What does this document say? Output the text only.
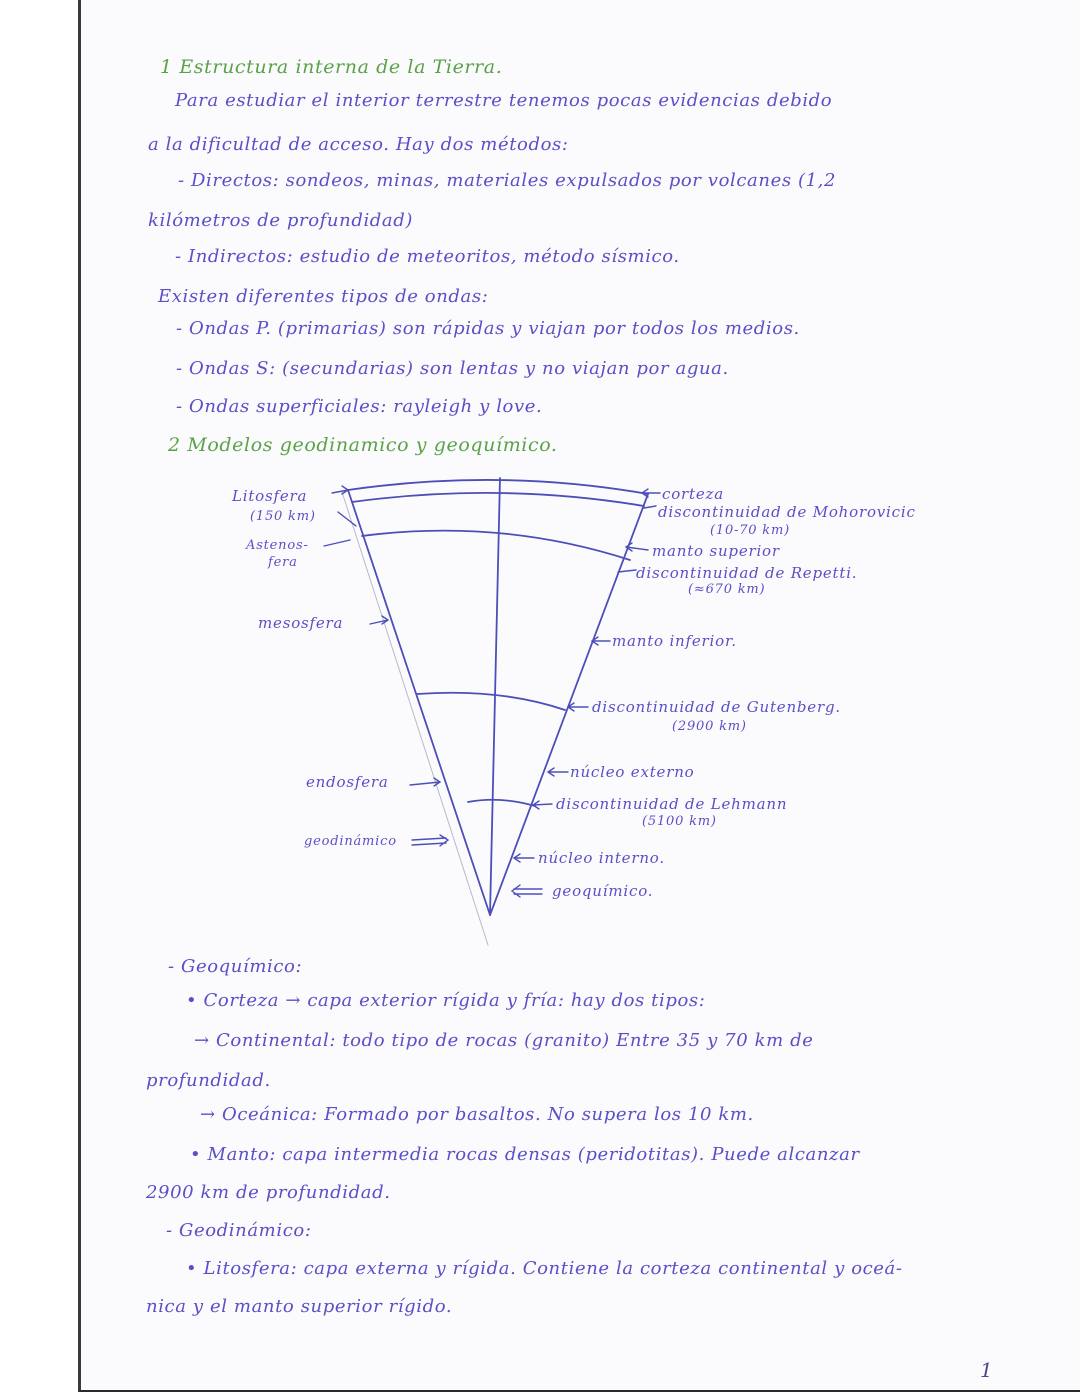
1 Estructura interna de la Tierra.
Para estudiar el interior terrestre tenemos pocas evidencias debido
a la dificultad de acceso. Hay dos métodos:
- Directos: sondeos, minas, materiales expulsados por volcanes (1,2
kilómetros de profundidad)
- Indirectos: estudio de meteoritos, método sísmico.
Existen diferentes tipos de ondas:
- Ondas P. (primarias) son rápidas y viajan por todos los medios.
- Ondas S: (secundarias) son lentas y no viajan por agua.
- Ondas superficiales: rayleigh y love.
2 Modelos geodinamico y geoquímico.
Litosfera
(150 km)
Astenos-
fera
mesosfera
endosfera
geodinámico
corteza
discontinuidad de Mohorovicic
(10-70 km)
manto superior
discontinuidad de Repetti.
(≈670 km)
manto inferior.
discontinuidad de Gutenberg.
(2900 km)
núcleo externo
discontinuidad de Lehmann
(5100 km)
núcleo interno.
geoquímico.
- Geoquímico:
• Corteza → capa exterior rígida y fría: hay dos tipos:
→ Continental: todo tipo de rocas (granito) Entre 35 y 70 km de
profundidad.
→ Oceánica: Formado por basaltos. No supera los 10 km.
• Manto: capa intermedia rocas densas (peridotitas). Puede alcanzar
2900 km de profundidad.
- Geodinámico:
• Litosfera: capa externa y rígida. Contiene la corteza continental y oceá-
nica y el manto superior rígido.
1
